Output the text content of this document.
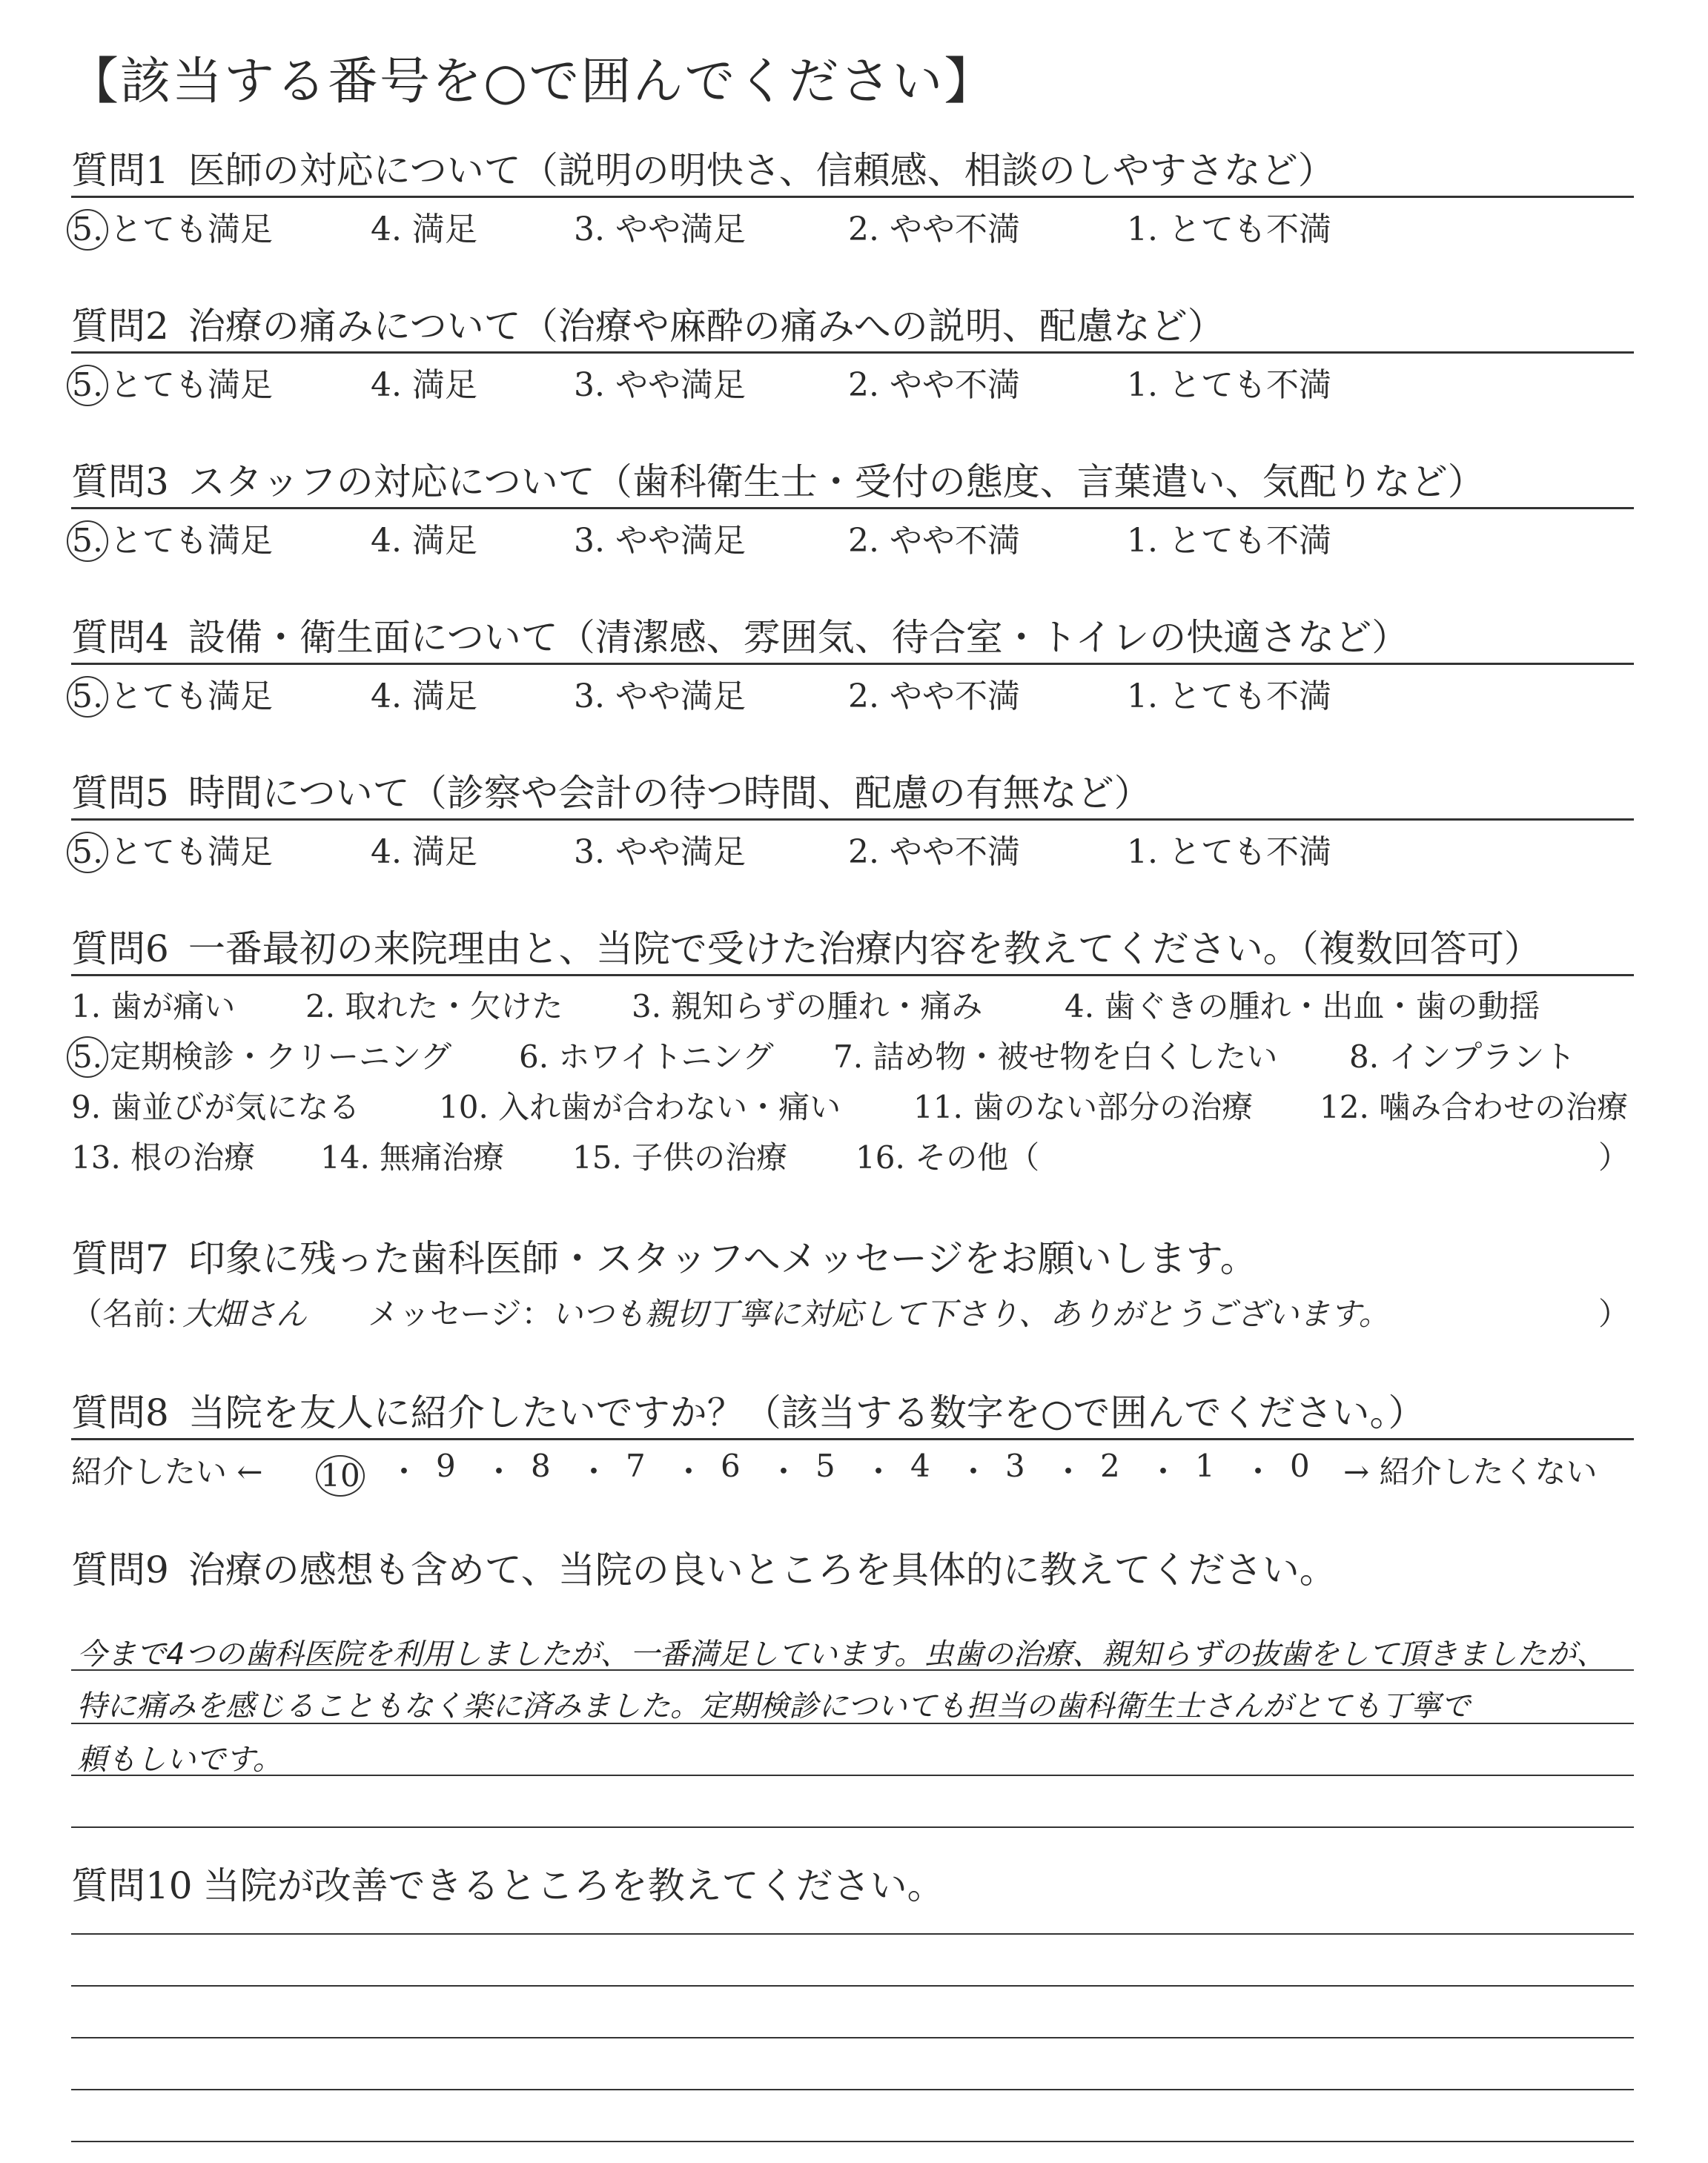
【該当する番号を○で囲んでください】
質問1 医師の対応について（説明の明快さ、信頼感、相談のしやすさなど）
5. とても満足	4. 満足	3. やや満足	2. やや不満	1. とても不満
質問2 治療の痛みについて（治療や麻酔の痛みへの説明、配慮など）
5. とても満足	4. 満足	3. やや満足	2. やや不満	1. とても不満
質問3 スタッフの対応について（歯科衛生士・受付の態度、言葉遣い、気配りなど）
5. とても満足	4. 満足	3. やや満足	2. やや不満	1. とても不満
質問4 設備・衛生面について（清潔感、雰囲気、待合室・トイレの快適さなど）
5. とても満足	4. 満足	3. やや満足	2. やや不満	1. とても不満
質問5 時間について（診察や会計の待つ時間、配慮の有無など）
5. とても満足	4. 満足	3. やや満足	2. やや不満	1. とても不満
質問6 一番最初の来院理由と、当院で受けた治療内容を教えてください。（複数回答可）
1. 歯が痛い 2. 取れた・欠けた 3. 親知らずの腫れ・痛み	4. 歯ぐきの腫れ・出血・歯の動揺
5. 定期検診・クリーニング 6. ホワイトニング 7. 詰め物・被せ物を白くしたい 8. インプラント
9. 歯並びが気になる	10. 入れ歯が合わない・痛い 11. 歯のない部分の治療 12. 噛み合わせの治療
13. 根の治療 14. 無痛治療 15. 子供の治療 16. その他（	）
質問7 印象に残った歯科医師・スタッフへメッセージをお願いします。
（名前：
大畑さん メッセージ：
いつも親切丁寧に対応して下さり、ありがとうございます。	）
質問8 当院を友人に紹介したいですか？（該当する数字を○で囲んでください。）
紹介したい ← 10 ・ 9 ・ 8 ・ 7 ・ 6 ・ 5 ・ 4 ・ 3 ・ 2 ・ 1 ・ 0 → 紹介したくない
質問9 治療の感想も含めて、当院の良いところを具体的に教えてください。
今まで4つの歯科医院を利用しましたが、一番満足しています。虫歯の治療、親知らずの抜歯をして頂きましたが、
特に痛みを感じることもなく楽に済みました。定期検診についても担当の歯科衛生士さんがとても丁寧で
頼もしいです。
質問10 当院が改善できるところを教えてください。
